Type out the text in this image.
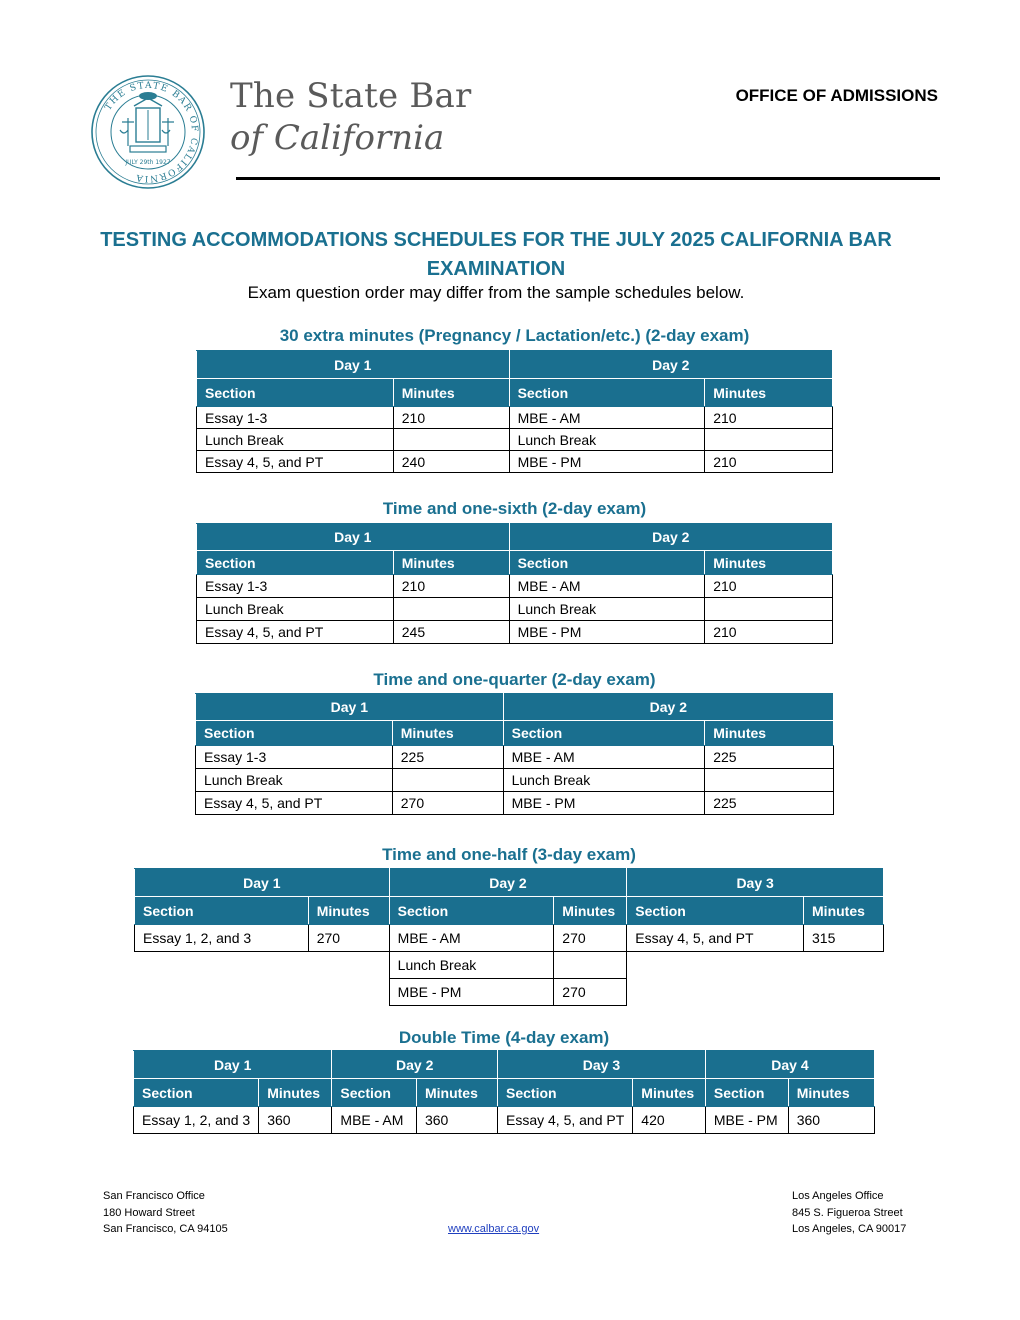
THE STATE BAR OF CALIFORNIA
JULY 29th 1927
The State Bar
of California
OFFICE OF ADMISSIONS
TESTING ACCOMMODATIONS SCHEDULES FOR THE JULY 2025 CALIFORNIA BAR EXAMINATION
Exam question order may differ from the sample schedules below.
30 extra minutes (Pregnancy / Lactation/etc.) (2-day exam)
Day 1		Day 2	
Section	Minutes	Section	Minutes
Essay 1-3	210	MBE - AM	210
Lunch Break		Lunch Break	
Essay 4, 5, and PT	240	MBE - PM	210
Time and one-sixth (2-day exam)
Day 1		Day 2	
Section	Minutes	Section	Minutes
Essay 1-3	210	MBE - AM	210
Lunch Break		Lunch Break	
Essay 4, 5, and PT	245	MBE - PM	210
Time and one-quarter (2-day exam)
Day 1		Day 2	
Section	Minutes	Section	Minutes
Essay 1-3	225	MBE - AM	225
Lunch Break		Lunch Break	
Essay 4, 5, and PT	270	MBE - PM	225
Time and one-half (3-day exam)
Day 1		Day 2		Day 3	
Section	Minutes	Section	Minutes	Section	Minutes
Essay 1, 2, and 3	270	MBE - AM	270	Essay 4, 5, and PT	315
		Lunch Break			
		MBE - PM	270		
Double Time (4-day exam)
Day 1		Day 2		Day 3		Day 4	
Section	Minutes	Section	Minutes	Section	Minutes	Section	Minutes
Essay 1, 2, and 3	360	MBE - AM	360	Essay 4, 5, and PT	420	MBE - PM	360
San Francisco Office
180 Howard Street
San Francisco, CA 94105	www.calbar.ca.gov
Los Angeles Office
845 S. Figueroa Street
Los Angeles, CA 90017
